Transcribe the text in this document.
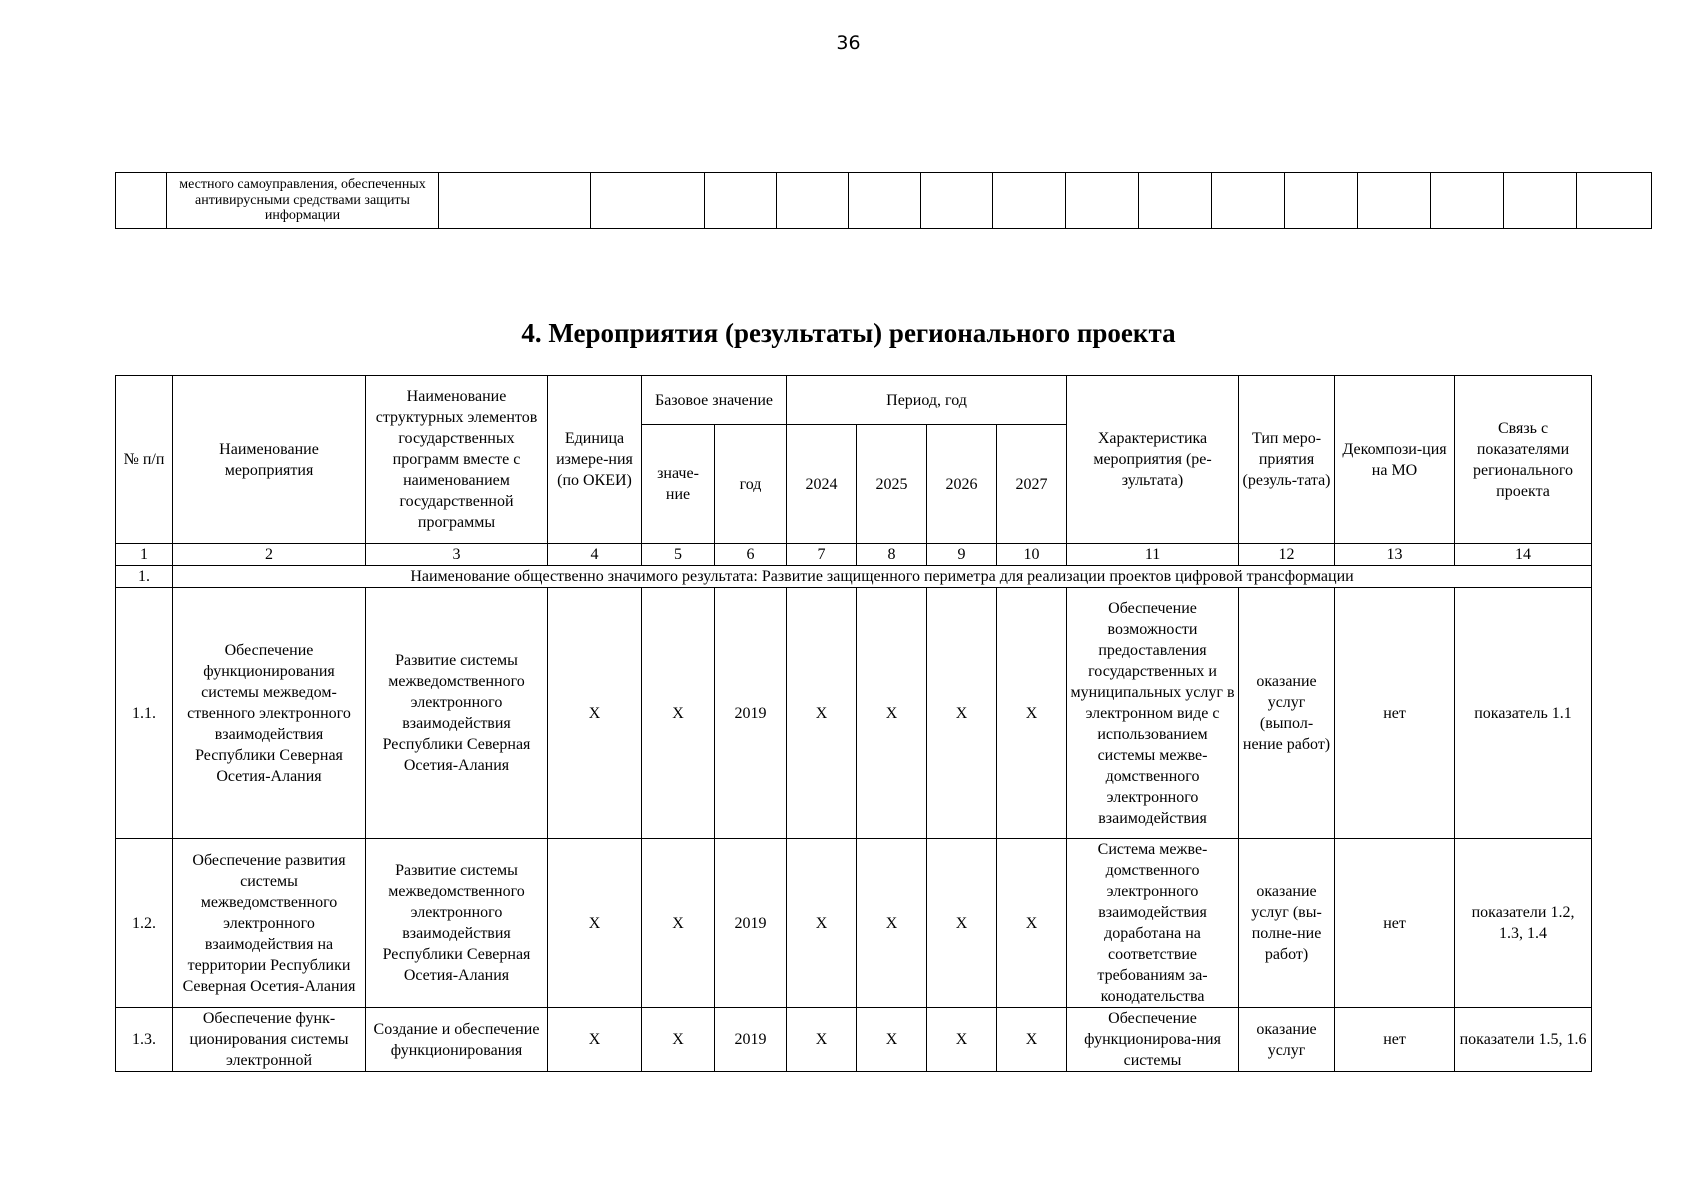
36
	местного самоуправления, обеспеченных антивирусными средствами защиты информации															
4. Мероприятия (результаты) регионального проекта
№ п/п	Наименование мероприятия	Наименование структурных элементов государственных программ вместе с наименованием государственной программы	Единица измере-ния (по ОКЕИ)	Базовое значение		Период, год				Характеристика мероприятия (ре-зультата)	Тип меро-приятия (резуль-тата)	Декомпози-ция на МО	Связь с показателями регионального проекта
				значе-ние	год	2024	2025	2026	2027				
1	2	3	4	5	6	7	8	9	10	11	12	13	14
1.	Наименование общественно значимого результата: Развитие защищенного периметра для реализации проектов цифровой трансформации												
1.1.	Обеспечение функционирования системы межведом-ственного электронного взаимодействия Республики Северная Осетия-Алания	Развитие системы межведомственного электронного взаимодействия Республики Северная Осетия-Алания	X	X	2019	X	X	X	X	Обеспечение возможности предоставления государственных и муниципальных услуг в электронном виде с использованием системы межве-домственного электронного взаимодействия	оказание услуг (выпол-нение работ)	нет	показатель 1.1
1.2.	Обеспечение развития системы межведомственного электронного взаимодействия на территории Республики Северная Осетия-Алания	Развитие системы межведомственного электронного взаимодействия Республики Северная Осетия-Алания	X	X	2019	X	X	X	X	Система межве-домственного электронного взаимодействия доработана на соответствие требованиям за-конодательства	оказание услуг (вы-полне-ние работ)	нет	показатели 1.2, 1.3, 1.4
1.3.	Обеспечение функ-ционирования системы электронной	Создание и обеспечение функционирования	X	X	2019	X	X	X	X	Обеспечение функционирова-ния системы	оказание услуг	нет	показатели 1.5, 1.6
